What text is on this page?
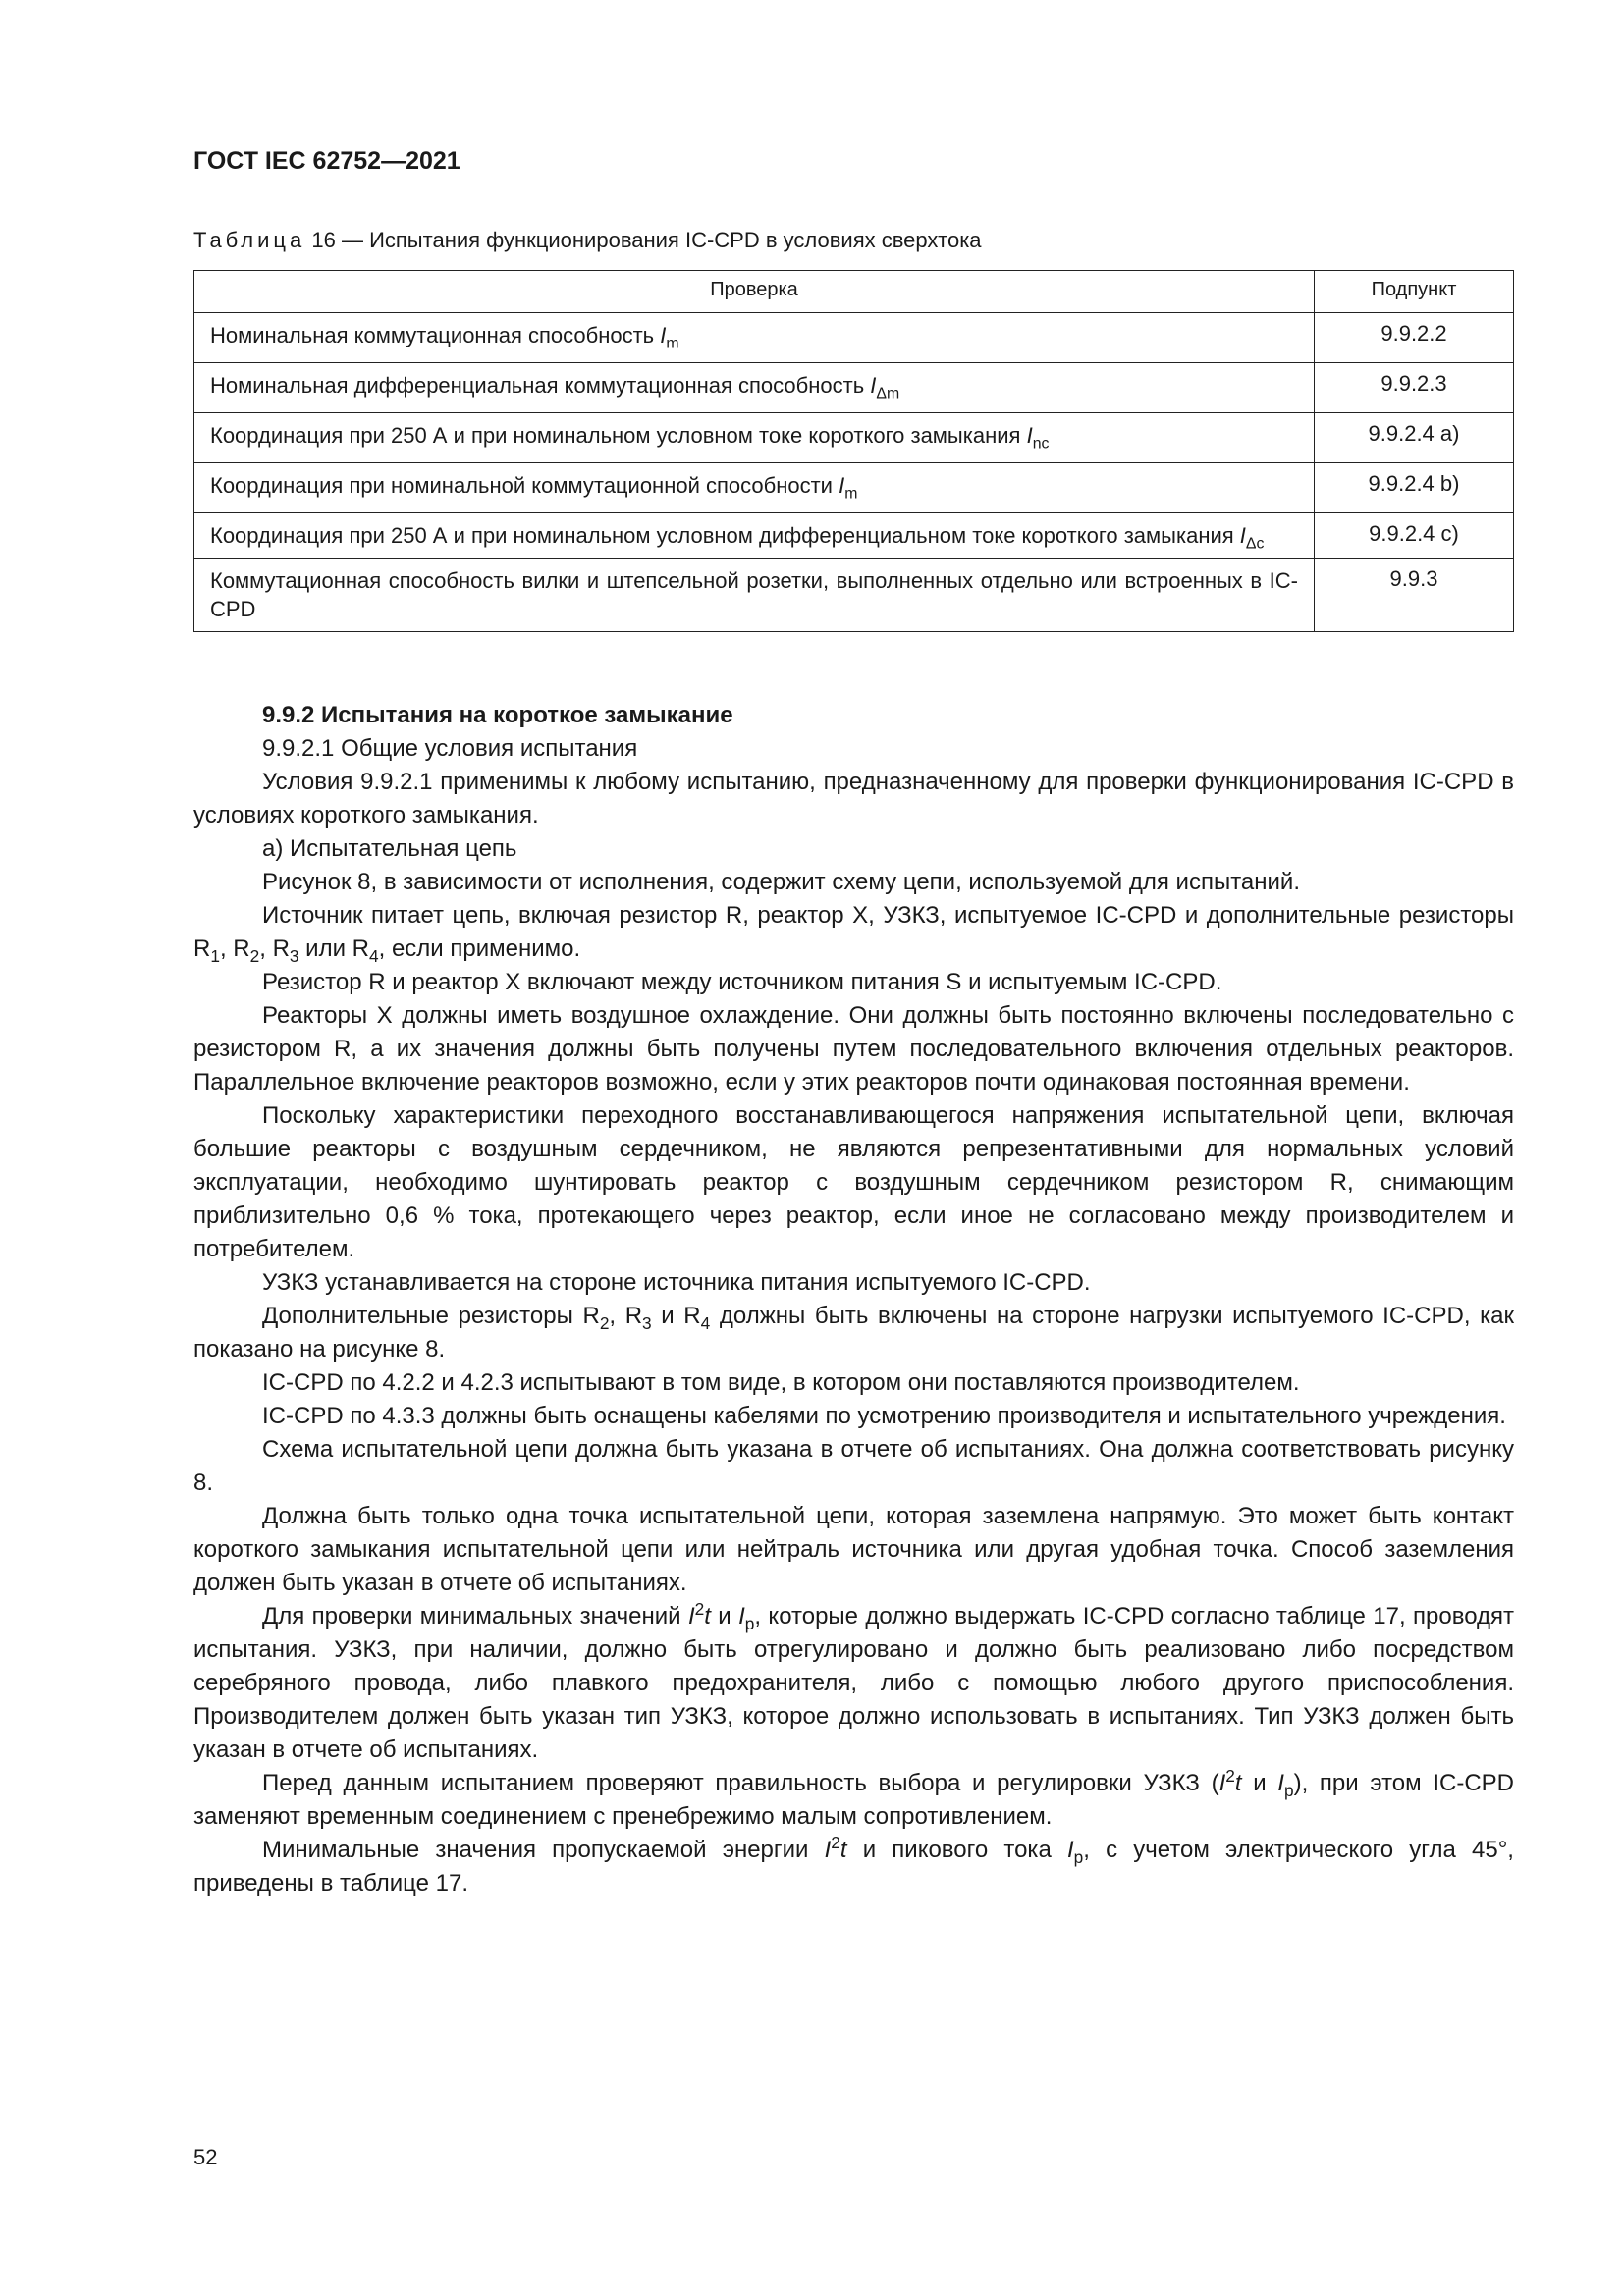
ГОСТ IEC 62752—2021
Таблица 16 — Испытания функционирования IC-CPD в условиях сверхтока
Проверка	Подпункт
Номинальная коммутационная способность $I_m$	9.9.2.2
Номинальная дифференциальная коммутационная способность $I_{\Delta m}$	9.9.2.3
Координация при 250 А и при номинальном условном токе короткого замыкания $I_{nc}$	9.9.2.4 a)
Координация при номинальной коммутационной способности $I_m$	9.9.2.4 b)
Координация при 250 А и при номинальном условном дифференциальном токе короткого замыкания $I_{\Delta c}$	9.9.2.4 c)
Коммутационная способность вилки и штепсельной розетки, выполненных отдельно или встроенных в IC-CPD	9.9.3

9.9.2 Испытания на короткое замыкание

9.9.2.1 Общие условия испытания

Условия 9.9.2.1 применимы к любому испытанию, предназначенному для проверки функционирования IC-CPD в условиях короткого замыкания.

а) Испытательная цепь

Рисунок 8, в зависимости от исполнения, содержит схему цепи, используемой для испытаний.

Источник питает цепь, включая резистор R, реактор X, УЗКЗ, испытуемое IC-CPD и дополнительные резисторы $R_1$, $R_2$, $R_3$ или $R_4$, если применимо.

Резистор R и реактор X включают между источником питания S и испытуемым IC-CPD.

Реакторы X должны иметь воздушное охлаждение. Они должны быть постоянно включены последовательно с резистором R, а их значения должны быть получены путем последовательного включения отдельных реакторов. Параллельное включение реакторов возможно, если у этих реакторов почти одинаковая постоянная времени.

Поскольку характеристики переходного восстанавливающегося напряжения испытательной цепи, включая большие реакторы с воздушным сердечником, не являются репрезентативными для нормальных условий эксплуатации, необходимо шунтировать реактор с воздушным сердечником резистором R, снимающим приблизительно 0,6 % тока, протекающего через реактор, если иное не согласовано между производителем и потребителем.

УЗКЗ устанавливается на стороне источника питания испытуемого IC-CPD.

Дополнительные резисторы $R_2$, $R_3$ и $R_4$ должны быть включены на стороне нагрузки испытуемого IC-CPD, как показано на рисунке 8.

IC-CPD по 4.2.2 и 4.2.3 испытывают в том виде, в котором они поставляются производителем.

IC-CPD по 4.3.3 должны быть оснащены кабелями по усмотрению производителя и испытательного учреждения.

Схема испытательной цепи должна быть указана в отчете об испытаниях. Она должна соответствовать рисунку 8.

Должна быть только одна точка испытательной цепи, которая заземлена напрямую. Это может быть контакт короткого замыкания испытательной цепи или нейтраль источника или другая удобная точка. Способ заземления должен быть указан в отчете об испытаниях.

Для проверки минимальных значений $I^2t$ и $I_p$, которые должно выдержать IC-CPD согласно таблице 17, проводят испытания. УЗКЗ, при наличии, должно быть отрегулировано и должно быть реализовано либо посредством серебряного провода, либо плавкого предохранителя, либо с помощью любого другого приспособления. Производителем должен быть указан тип УЗКЗ, которое должно использовать в испытаниях. Тип УЗКЗ должен быть указан в отчете об испытаниях.

Перед данным испытанием проверяют правильность выбора и регулировки УЗКЗ ($I^2t$ и $I_p$), при этом IC-CPD заменяют временным соединением с пренебрежимо малым сопротивлением.

Минимальные значения пропускаемой энергии $I^2t$ и пикового тока $I_p$, с учетом электрического угла 45°, приведены в таблице 17.

52
